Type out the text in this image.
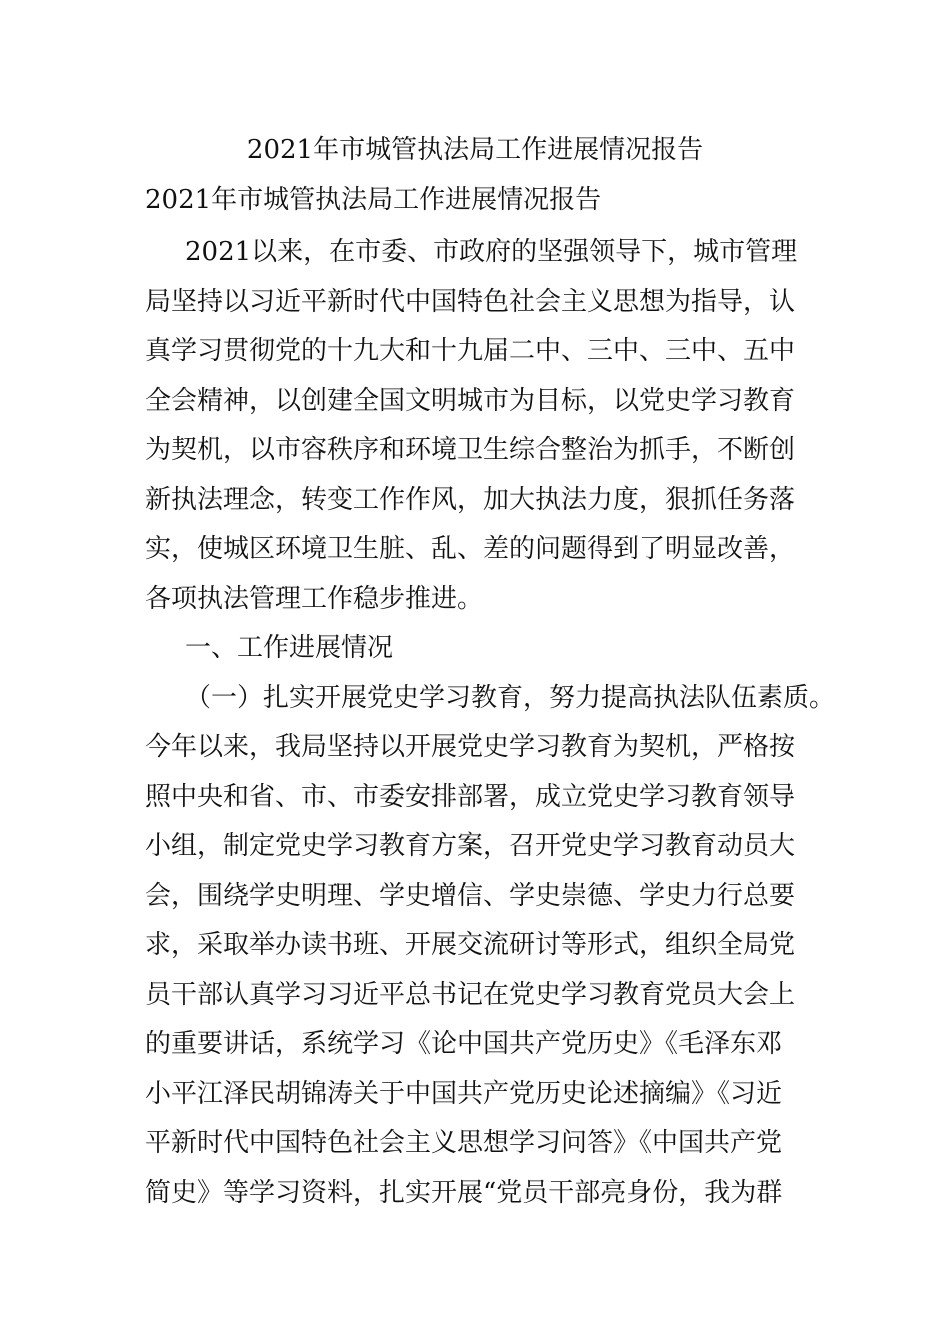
2021年市城管执法局工作进展情况报告
2021年市城管执法局工作进展情况报告
2021以来，在市委、市政府的坚强领导下，城市管理
局坚持以习近平新时代中国特色社会主义思想为指导，认
真学习贯彻党的十九大和十九届二中、三中、三中、五中
全会精神，以创建全国文明城市为目标，以党史学习教育
为契机，以市容秩序和环境卫生综合整治为抓手，不断创
新执法理念，转变工作作风，加大执法力度，狠抓任务落
实，使城区环境卫生脏、乱、差的问题得到了明显改善，
各项执法管理工作稳步推进。
一、工作进展情况
（一）扎实开展党史学习教育，努力提高执法队伍素质。
今年以来，我局坚持以开展党史学习教育为契机，严格按
照中央和省、市、市委安排部署，成立党史学习教育领导
小组，制定党史学习教育方案，召开党史学习教育动员大
会，围绕学史明理、学史增信、学史崇德、学史力行总要
求，采取举办读书班、开展交流研讨等形式，组织全局党
员干部认真学习习近平总书记在党史学习教育党员大会上
的重要讲话，系统学习《论中国共产党历史》《毛泽东邓
小平江泽民胡锦涛关于中国共产党历史论述摘编》《习近
平新时代中国特色社会主义思想学习问答》《中国共产党
简史》等学习资料，扎实开展“党员干部亮身份，我为群
